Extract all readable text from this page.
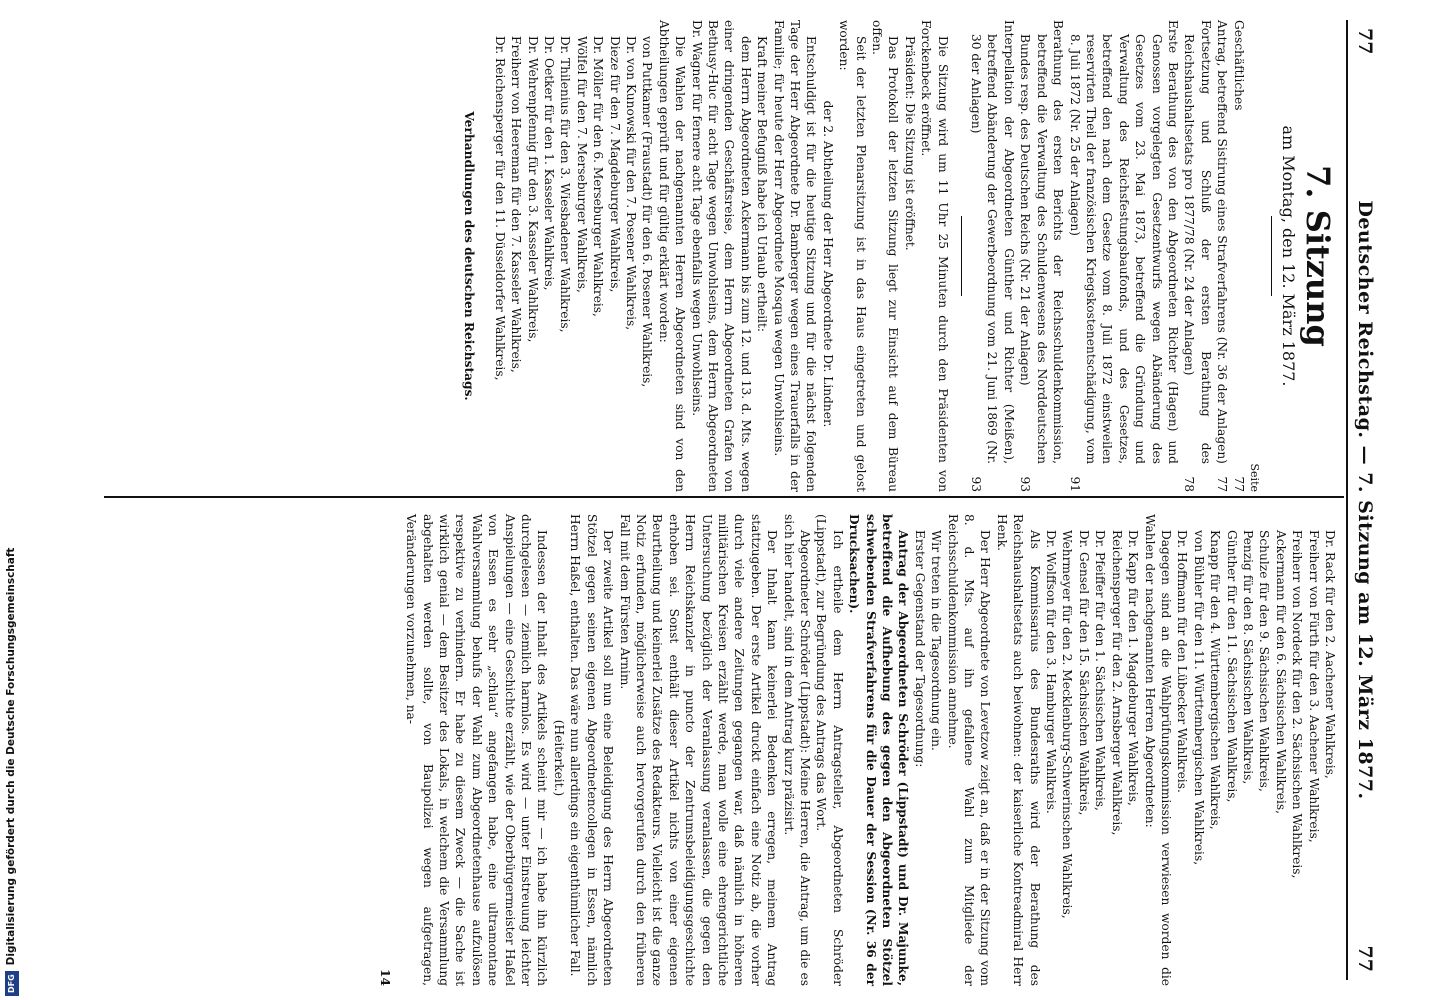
77
Deutscher Reichstag. — 7. Sitzung am 12. März 1877.
77
7. Sitzung
am Montag, den 12. März 1877.
Seite
Geschäftliches
77
Antrag, betreffend Sistirung eines Strafverfahrens (Nr. 36 der Anlagen)
77
Fortsetzung und Schluß der ersten Berathung des Reichshaushaltsetats pro 1877/78 (Nr. 24 der Anlagen)
78
Erste Berathung des von den Abgeordneten Richter (Hagen) und Genossen vorgelegten Gesetzentwurfs wegen Abänderung des Gesetzes vom 23. Mai 1873, betreffend die Gründung und Verwaltung des Reichsfestungsbaufonds, und des Gesetzes, betreffend den nach dem Gesetze vom 8. Juli 1872 einstweilen reservirten Theil der französischen Kriegskostenentschädigung, vom 8. Juli 1872 (Nr. 25 der Anlagen)
91
Berathung des ersten Berichts der Reichsschuldenkommission, betreffend die Verwaltung des Schuldenwesens des Norddeutschen Bundes resp. des Deutschen Reichs (Nr. 21 der Anlagen)
93
Interpellation der Abgeordneten Günther und Richter (Meißen), betreffend Abänderung der Gewerbeordnung vom 21. Juni 1869 (Nr. 30 der Anlagen)
93

Die Sitzung wird um 11 Uhr 25 Minuten durch den Präsidenten von Forckenbeck eröffnet.

Präsident: Die Sitzung ist eröffnet.

Das Protokoll der letzten Sitzung liegt zur Einsicht auf dem Büreau offen.

Seit der letzten Plenarsitzung ist in das Haus eingetreten und gelost worden:

der 2. Abtheilung der Herr Abgeordnete Dr. Lindner.

Entschuldigt ist für die heutige Sitzung und für die nächst folgenden Tage der Herr Abgeordnete Dr. Bamberger wegen eines Trauerfalls in der Familie; für heute der Herr Abgeordnete Mosqua wegen Unwohlseins.

Kraft meiner Befugniß habe ich Urlaub ertheilt:

dem Herrn Abgeordneten Ackermann bis zum 12. und 13. d. Mts. wegen einer dringenden Geschäftsreise, dem Herrn Abgeordneten Grafen von Bethusy-Huc für acht Tage wegen Unwohlseins, dem Herrn Abgeordneten Dr. Wagner für fernere acht Tage ebenfalls wegen Unwohlseins.

Die Wahlen der nachgenannten Herren Abgeordneten sind von den Abtheilungen geprüft und für gültig erklärt worden:

von Puttkamer (Fraustadt) für den 6. Posener Wahlkreis,

Dr. von Kunowski für den 7. Posener Wahlkreis,

Dieze für den 7. Magdeburger Wahlkreis,

Dr. Möller für den 6. Merseburger Wahlkreis,

Wölfel für den 7. Merseburger Wahlkreis,

Dr. Thilenius für den 3. Wiesbadener Wahlkreis,

Dr. Oetker für den 1. Kasseler Wahlkreis,

Dr. Wehrenpfennig für den 3. Kasseler Wahlkreis,

Freiherr von Heereman für den 7. Kasseler Wahlkreis,

Dr. Reichensperger für den 11. Düsseldorfer Wahlkreis,

Verhandlungen des deutschen Reichstags.

Dr. Rack für den 2. Aachener Wahlkreis,

Freiherr von Fürth für den 3. Aachener Wahlkreis,

Freiherr von Nordeck für den 2. Sächsischen Wahlkreis,

Ackermann für den 6. Sächsischen Wahlkreis,

Schulze für den 9. Sächsischen Wahlkreis,

Penzig für den 8. Sächsischen Wahlkreis,

Günther für den 11. Sächsischen Wahlkreis,

Knapp für den 4. Württembergischen Wahlkreis,

von Bühler für den 11. Württembergischen Wahlkreis,

Dr. Hoffmann für den Lübecker Wahlkreis.

Dagegen sind an die Wahlprüfungskommission verwiesen worden die Wahlen der nachgenannten Herren Abgeordneten:

Dr. Kapp für den 1. Magdeburger Wahlkreis,

Reichensperger für den 2. Arnsberger Wahlkreis,

Dr. Pfeiffer für den 1. Sächsischen Wahlkreis,

Dr. Gensel für den 15. Sächsischen Wahlkreis,

Wehrmeyer für den 2. Mecklenburg-Schwerinschen Wahlkreis,

Dr. Wolffson für den 3. Hamburger Wahlkreis.

Als Kommissarius des Bundesraths wird der Berathung des Reichshaushaltsetats auch beiwohnen: der kaiserliche Kontreadmiral Herr Henk.

Der Herr Abgeordnete von Levetzow zeigt an, daß er in der Sitzung vom 8. d. Mts. auf ihn gefallene Wahl zum Mitgliede der Reichsschuldenkommission annehme.

Wir treten in die Tagesordnung ein.

Erster Gegenstand der Tagesordnung:

Antrag der Abgeordneten Schröder (Lippstadt) und Dr. Majunke, betreffend die Aufhebung des gegen den Abgeordneten Stötzel schwebenden Strafverfahrens für die Dauer der Session (Nr. 36 der Drucksachen).

Ich ertheile dem Herrn Antragsteller, Abgeordneten Schröder (Lippstadt), zur Begründung des Antrags das Wort.

Abgeordneter Schröder (Lippstadt): Meine Herren, die Antrag, um die es sich hier handelt, sind in dem Antrag kurz präzisirt.

Der Inhalt kann keinerlei Bedenken erregen, meinem Antrag stattzugeben. Der erste Artikel druckt einfach eine Notiz ab, die vorher durch viele andere Zeitungen gegangen war, daß nämlich in höheren militärischen Kreisen erzählt werde, man wolle eine ehrengerichtliche Untersuchung bezüglich der Veranlassung veranlassen, die gegen den Herrn Reichskanzler in puncto der Zentrumsbeleidigungsgeschichte erhoben sei. Sonst enthält dieser Artikel nichts von einer eigenen Beurtheilung und keinerlei Zusätze des Redakteurs. Vielleicht ist die ganze Notiz erfunden, möglicherweise auch hervorgerufen durch den früheren Fall mit dem Fürsten Arnim.

Der zweite Artikel soll nun eine Beleidigung des Herrn Abgeordneten Stötzel gegen seinen eigenen Abgeordnetencollegen in Essen, nämlich Herrn Haßel, enthalten. Das wäre nun allerdings ein eigenthümlicher Fall.

(Heiterkeit.)

Indessen der Inhalt des Artikels scheint mir — ich habe ihn kürzlich durchgelesen — ziemlich harmlos. Es wird — unter Einstreuung leichter Anspielungen — eine Geschichte erzählt, wie der Oberbürgermeister Haßel von Essen es sehr „schlau“ angefangen habe, eine ultramontane Wahlversammlung behufs der Wahl zum Abgeordnetenhause aufzulösen respektive zu verhindern. Er habe zu diesem Zweck — die Sache ist wirklich genial — dem Besitzer des Lokals, in welchem die Versammlung abgehalten werden sollte, von Baupolizei wegen aufgetragen, Veränderungen vorzunehmen, na-

14
DFGDigitalisierung gefördert durch die Deutsche Forschungsgemeinschaft
